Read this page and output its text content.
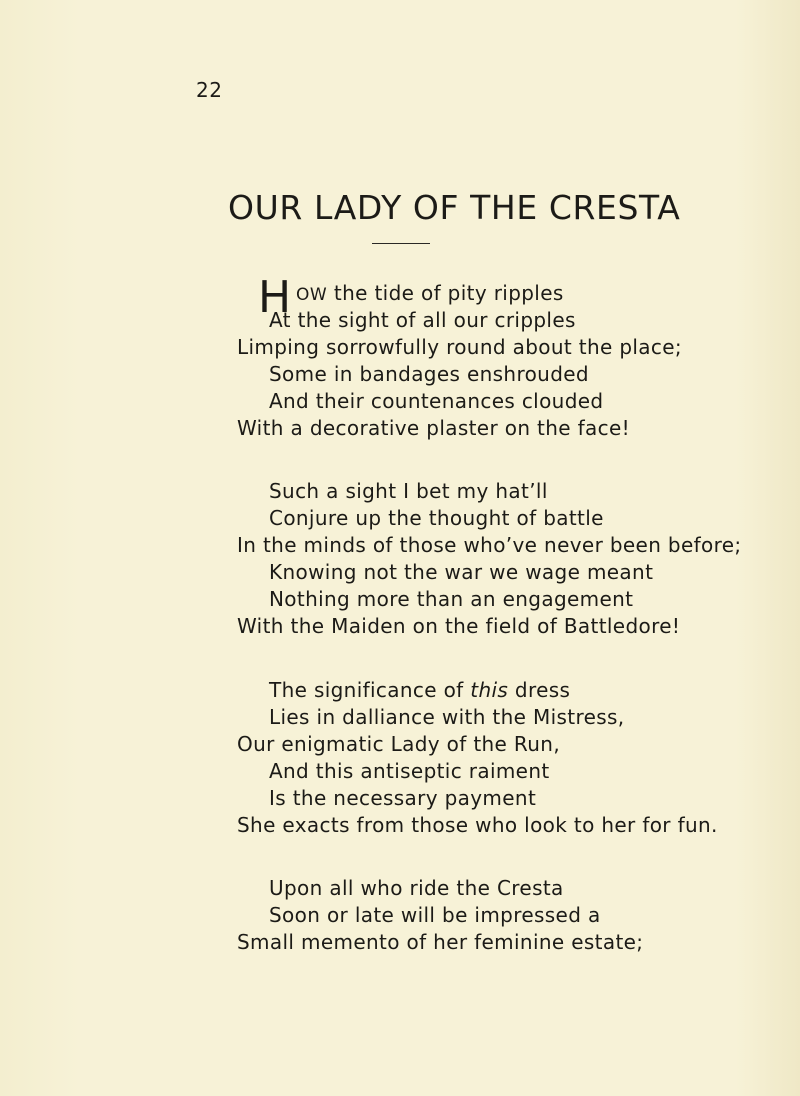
22
OUR LADY OF THE CRESTA
H OW the tide of pity ripples
At the sight of all our cripples
Limping sorrowfully round about the place;
Some in bandages enshrouded
And their countenances clouded
With a decorative plaster on the face!
Such a sight I bet my hat’ll
Conjure up the thought of battle
In the minds of those who’ve never been before;
Knowing not the war we wage meant
Nothing more than an engagement
With the Maiden on the field of Battledore!
The significance of this dress
Lies in dalliance with the Mistress,
Our enigmatic Lady of the Run,
And this antiseptic raiment
Is the necessary payment
She exacts from those who look to her for fun.
Upon all who ride the Cresta
Soon or late will be impressed a
Small memento of her feminine estate;
